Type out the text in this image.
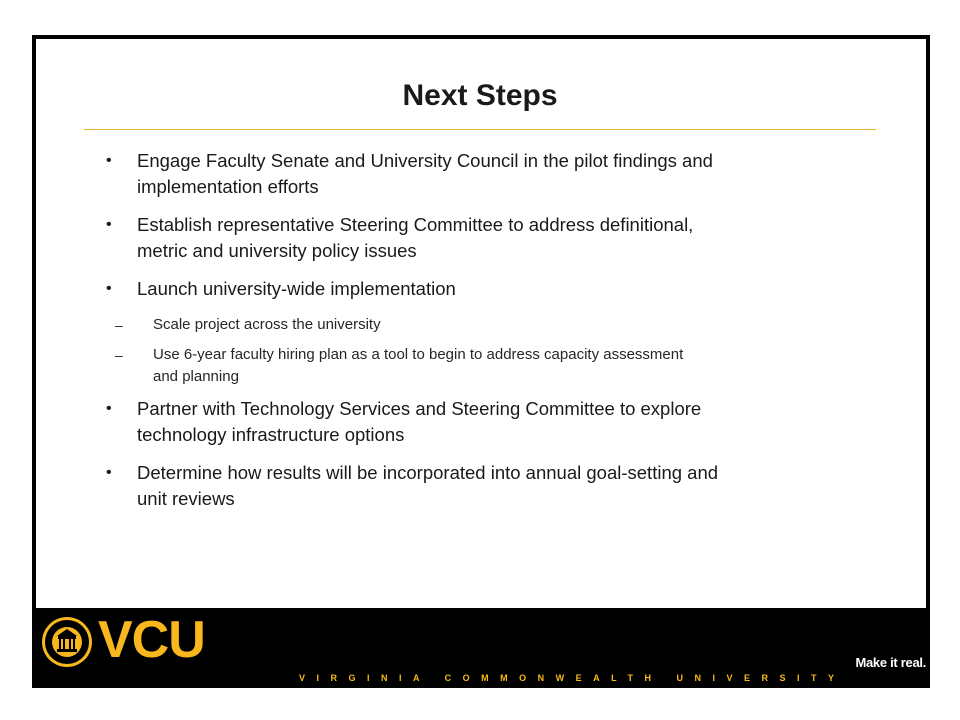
Next Steps
•	Engage Faculty Senate and University Council in the pilot findings and
implementation efforts
•	Establish representative Steering Committee to address definitional,
metric and university policy issues
•	Launch university-wide implementation
‒ Scale project across the university
‒ Use 6-year faculty hiring plan as a tool to begin to address capacity assessment
and planning
•	Partner with Technology Services and Steering Committee to explore
technology infrastructure options
•	Determine how results will be incorporated into annual goal-setting and
unit reviews
VCU	Make it real.
VIRGINIA COMMONWEALTH UNIVERSITY
